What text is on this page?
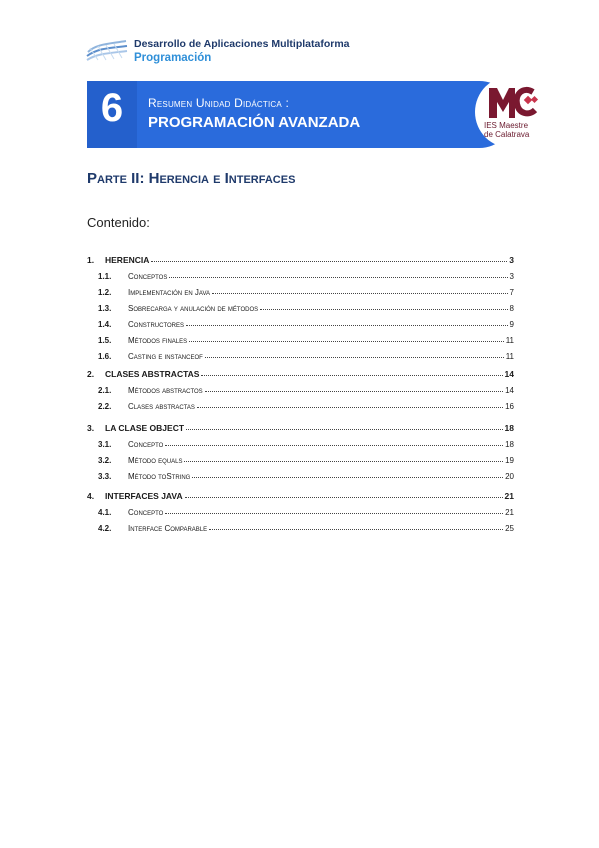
Desarrollo de Aplicaciones Multiplataforma
Programación
6	Resumen Unidad Didáctica :
PROGRAMACIÓN AVANZADA	IES Maestre
de Calatrava
Parte II: Herencia e Interfaces
Contenido:
1.	HERENCIA	3
1.1.	Conceptos	3
1.2.	Implementación en Java	7
1.3.	Sobrecarga y anulación de métodos	8
1.4.	Constructores	9
1.5.	Métodos finales	11
1.6.	Casting e instanceof	11
2.	CLASES ABSTRACTAS	14
2.1.	Métodos abstractos	14
2.2.	Clases abstractas	16
3.	LA CLASE OBJECT	18
3.1.	Concepto	18
3.2.	Método equals	19
3.3.	Método toString	20
4.	INTERFACES JAVA	21
4.1.	Concepto	21
4.2.	Interface Comparable	25
